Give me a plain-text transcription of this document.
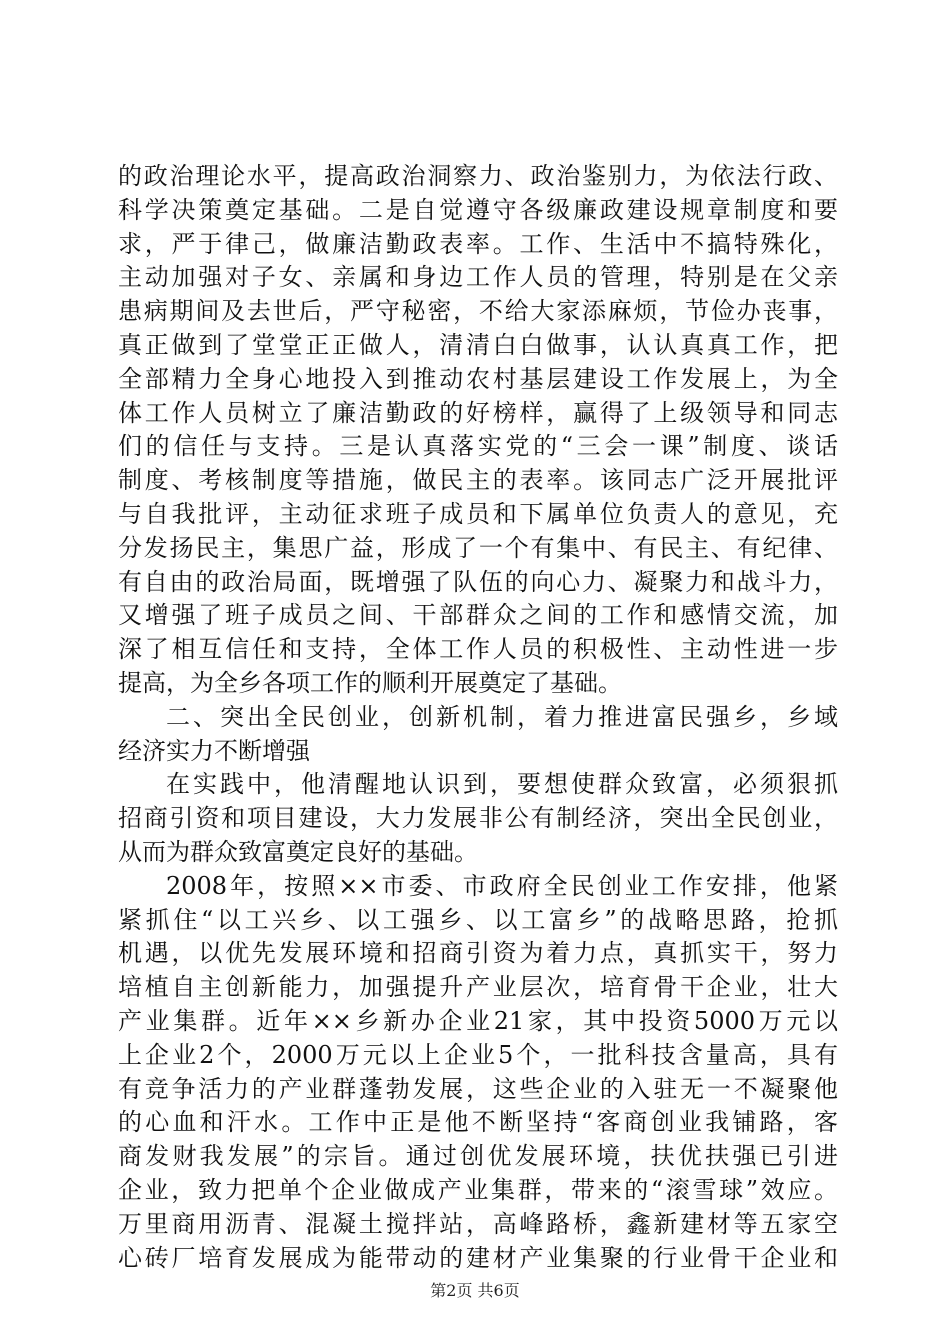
的政治理论水平，提高政治洞察力、政治鉴别力，为依法行政、
科学决策奠定基础。二是自觉遵守各级廉政建设规章制度和要
求，严于律己，做廉洁勤政表率。工作、生活中不搞特殊化，
主动加强对子女、亲属和身边工作人员的管理，特别是在父亲
患病期间及去世后，严守秘密，不给大家添麻烦，节俭办丧事，
真正做到了堂堂正正做人，清清白白做事，认认真真工作，把
全部精力全身心地投入到推动农村基层建设工作发展上，为全
体工作人员树立了廉洁勤政的好榜样，赢得了上级领导和同志
们的信任与支持。三是认真落实党的“三会一课”制度、谈话
制度、考核制度等措施，做民主的表率。该同志广泛开展批评
与自我批评，主动征求班子成员和下属单位负责人的意见，充
分发扬民主，集思广益，形成了一个有集中、有民主、有纪律、
有自由的政治局面，既增强了队伍的向心力、凝聚力和战斗力，
又增强了班子成员之间、干部群众之间的工作和感情交流，加
深了相互信任和支持，全体工作人员的积极性、主动性进一步
提高，为全乡各项工作的顺利开展奠定了基础。
二、突出全民创业，创新机制，着力推进富民强乡，乡域
经济实力不断增强
在实践中，他清醒地认识到，要想使群众致富，必须狠抓
招商引资和项目建设，大力发展非公有制经济，突出全民创业，
从而为群众致富奠定良好的基础。
2008年，按照××市委、市政府全民创业工作安排，他紧
紧抓住“以工兴乡、以工强乡、以工富乡”的战略思路，抢抓
机遇，以优先发展环境和招商引资为着力点，真抓实干，努力
培植自主创新能力，加强提升产业层次，培育骨干企业，壮大
产业集群。近年××乡新办企业21家，其中投资5000万元以
上企业2个，2000万元以上企业5个，一批科技含量高，具有
有竞争活力的产业群蓬勃发展，这些企业的入驻无一不凝聚他
的心血和汗水。工作中正是他不断坚持“客商创业我铺路，客
商发财我发展”的宗旨。通过创优发展环境，扶优扶强已引进
企业，致力把单个企业做成产业集群，带来的“滚雪球”效应。
万里商用沥青、混凝土搅拌站，高峰路桥，鑫新建材等五家空
心砖厂培育发展成为能带动的建材产业集聚的行业骨干企业和
第2页 共6页
